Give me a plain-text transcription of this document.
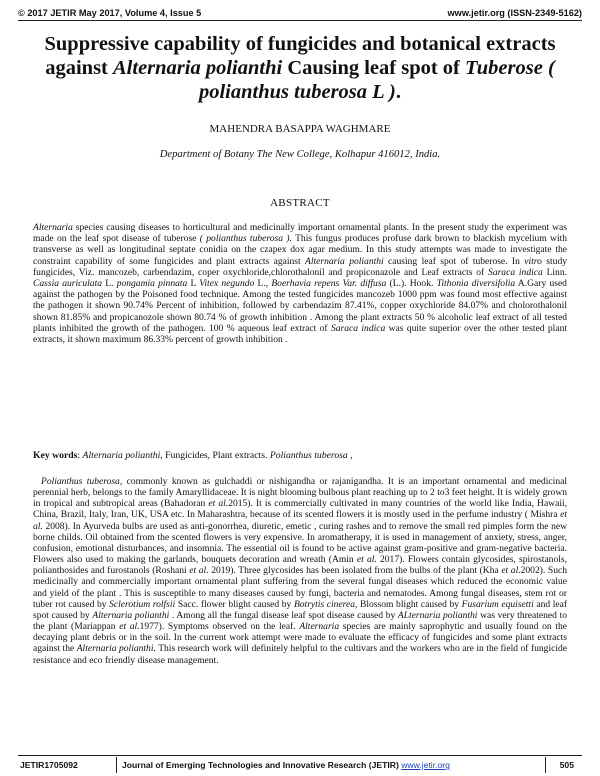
© 2017 JETIR May 2017, Volume 4, Issue 5	www.jetir.org (ISSN-2349-5162)
Suppressive capability of fungicides and botanical extracts against Alternaria polianthi Causing leaf spot of Tuberose ( polianthus tuberosa L ).
MAHENDRA BASAPPA WAGHMARE
Department of Botany The New College, Kolhapur 416012, India.
ABSTRACT

Alternaria species causing diseases to horticultural and medicinally important ornamental plants. In the present study the experiment was made on the leaf spot disease of tuberose ( polianthus tuberosa ). This fungus produces profuse dark brown to blackish mycelium with transverse as well as longitudinal septate conidia on the czapex dox agar medium. In this study attempts was made to investigate the constraint capability of some fungicides and plant extracts against Alternaria polianthi causing leaf spot of tuberose. In vitro study fungicides, Viz. mancozeb, carbendazim, coper oxychloride,chlorothalonil and propiconazole and Leaf extracts of Saraca indica Linn. Cassia auriculata L. pongamia pinnata L Vitex negundo L., Boerhavia repens Var. diffusa (L.). Hook. Tithonia diversifolia A.Gary used against the pathogen by the Poisoned food technique. Among the tested fungicides mancozeb 1000 ppm was found most effective against the pathogen it shown 90.74% Percent of inhibition, followed by carbendazim 87.41%, copper oxychloride 84.07% and cholorothalonil shown 81.85% and propicanozole shown 80.74 % of growth inhibition . Among the plant extracts 50 % alcoholic leaf extract of all tested plants inhibited the growth of the pathogen. 100 % aqueous leaf extract of Saraca indica was quite superior over the other tested plant extracts, it shown maximum 86.33% percent of growth inhibition .

Key words: Alternaria polianthi, Fungicides, Plant extracts. Polianthus tuberosa ,

Polianthus tuberosa, commonly known as gulchaddi or nishigandha or rajanigandha. It is an important ornamental and medicinal perennial herb, belongs to the family Amaryllidaceae. It is night blooming bulbous plant reaching up to 2 to3 feet height. It is widely grown in tropical and subtropical areas (Bahadoran et al.2015). It is commercially cultivated in many countries of the world like India, Hawaii, China, Brazil, Italy, Iran, UK, USA etc. In Maharashtra, because of its scented flowers it is mostly used in the perfume industry ( Mishra et al. 2008). In Ayurveda bulbs are used as anti-gonorrhea, diuretic, emetic , curing rashes and to remove the small red pimples form the new borne childs. Oil obtained from the scented flowers is very expensive. In aromatherapy, it is used in management of anxiety, stress, anger, confusion, emotional disturbances, and insomnia. The essential oil is found to be active against gram-positive and gram-negative bacteria. Flowers also used to making the garlands, bouquets decoration and wreath (Amin et al. 2017). Flowers contain glycosides, spirostanols, polianthosides and furostanols (Roshani et al. 2019). Three glycosides has been isolated from the bulbs of the plant (Kha et al.2002). Such medicinally and commercially important ornamental plant suffering from the several fungal diseases which reduced the economic value and yield of the plant . This is susceptible to many diseases caused by fungi, bacteria and nematodes. Among fungal diseases, stem rot or tuber rot caused by Sclerotium rolfsii Sacc. flower blight caused by Botrytis cinerea, Blossom blight caused by Fusarium equisetti and leaf spot caused by Alternaria polianthi . Among all the fungal disease leaf spot disease caused by ALternaria polianthi was very threatened to the plant (Mariappan et al.1977). Symptoms observed on the leaf. Alternaria species are mainly saprophytic and usually found on the decaying plant debris or in the soil. In the current work attempt were made to evaluate the efficacy of fungicides and some plant extracts against the Alternaria polianthi. This research work will definitely helpful to the cultivars and the workers who are in the field of fungicide resistance and eco friendly disease management.

JETIR1705092	Journal of Emerging Technologies and Innovative Research (JETIR) www.jetir.org	505
